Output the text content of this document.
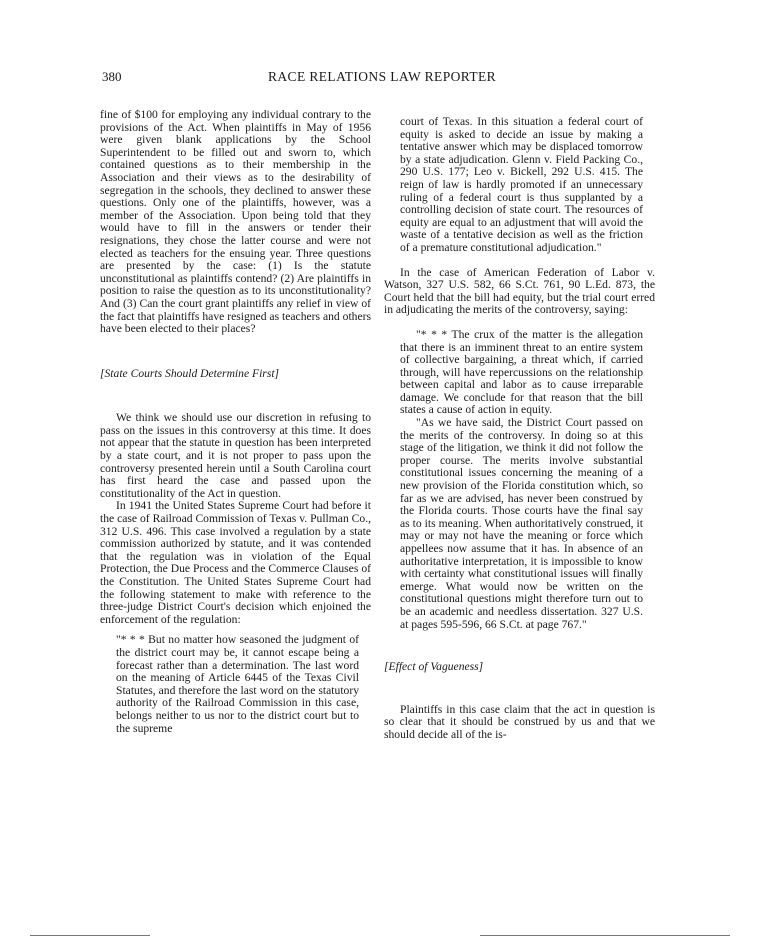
380	RACE RELATIONS LAW REPORTER

fine of $100 for employing any individual contrary to the provisions of the Act. When plaintiffs in May of 1956 were given blank applications by the School Superintendent to be filled out and sworn to, which contained questions as to their membership in the Association and their views as to the desirability of segregation in the schools, they declined to answer these questions. Only one of the plaintiffs, however, was a member of the Association. Upon being told that they would have to fill in the answers or tender their resignations, they chose the latter course and were not elected as teachers for the ensuing year. Three questions are presented by the case: (1) Is the statute unconstitutional as plaintiffs contend? (2) Are plaintiffs in position to raise the question as to its unconstitutionality? And (3) Can the court grant plaintiffs any relief in view of the fact that plaintiffs have resigned as teachers and others have been elected to their places?

[State Courts Should Determine First]

We think we should use our discretion in refusing to pass on the issues in this controversy at this time. It does not appear that the statute in question has been interpreted by a state court, and it is not proper to pass upon the controversy presented herein until a South Carolina court has first heard the case and passed upon the constitutionality of the Act in question.

In 1941 the United States Supreme Court had before it the case of Railroad Commission of Texas v. Pullman Co., 312 U.S. 496. This case involved a regulation by a state commission authorized by statute, and it was contended that the regulation was in violation of the Equal Protection, the Due Process and the Commerce Clauses of the Constitution. The United States Supreme Court had the following statement to make with reference to the three-judge District Court's decision which enjoined the enforcement of the regulation:

"* * * But no matter how seasoned the judgment of the district court may be, it cannot escape being a forecast rather than a determination. The last word on the meaning of Article 6445 of the Texas Civil Statutes, and therefore the last word on the statutory authority of the Railroad Commission in this case, belongs neither to us nor to the district court but to the supreme

court of Texas. In this situation a federal court of equity is asked to decide an issue by making a tentative answer which may be displaced tomorrow by a state adjudication. Glenn v. Field Packing Co., 290 U.S. 177; Leo v. Bickell, 292 U.S. 415. The reign of law is hardly promoted if an unnecessary ruling of a federal court is thus supplanted by a controlling decision of state court. The resources of equity are equal to an adjustment that will avoid the waste of a tentative decision as well as the friction of a premature constitutional adjudication."

In the case of American Federation of Labor v. Watson, 327 U.S. 582, 66 S.Ct. 761, 90 L.Ed. 873, the Court held that the bill had equity, but the trial court erred in adjudicating the merits of the controversy, saying:

"* * * The crux of the matter is the allegation that there is an imminent threat to an entire system of collective bargaining, a threat which, if carried through, will have repercussions on the relationship between capital and labor as to cause irreparable damage. We conclude for that reason that the bill states a cause of action in equity.

"As we have said, the District Court passed on the merits of the controversy. In doing so at this stage of the litigation, we think it did not follow the proper course. The merits involve substantial constitutional issues concerning the meaning of a new provision of the Florida constitution which, so far as we are advised, has never been construed by the Florida courts. Those courts have the final say as to its meaning. When authoritatively construed, it may or may not have the meaning or force which appellees now assume that it has. In absence of an authoritative interpretation, it is impossible to know with certainty what constitutional issues will finally emerge. What would now be written on the constitutional questions might therefore turn out to be an academic and needless dissertation. 327 U.S. at pages 595-596, 66 S.Ct. at page 767."

[Effect of Vagueness]

Plaintiffs in this case claim that the act in question is so clear that it should be construed by us and that we should decide all of the is-
